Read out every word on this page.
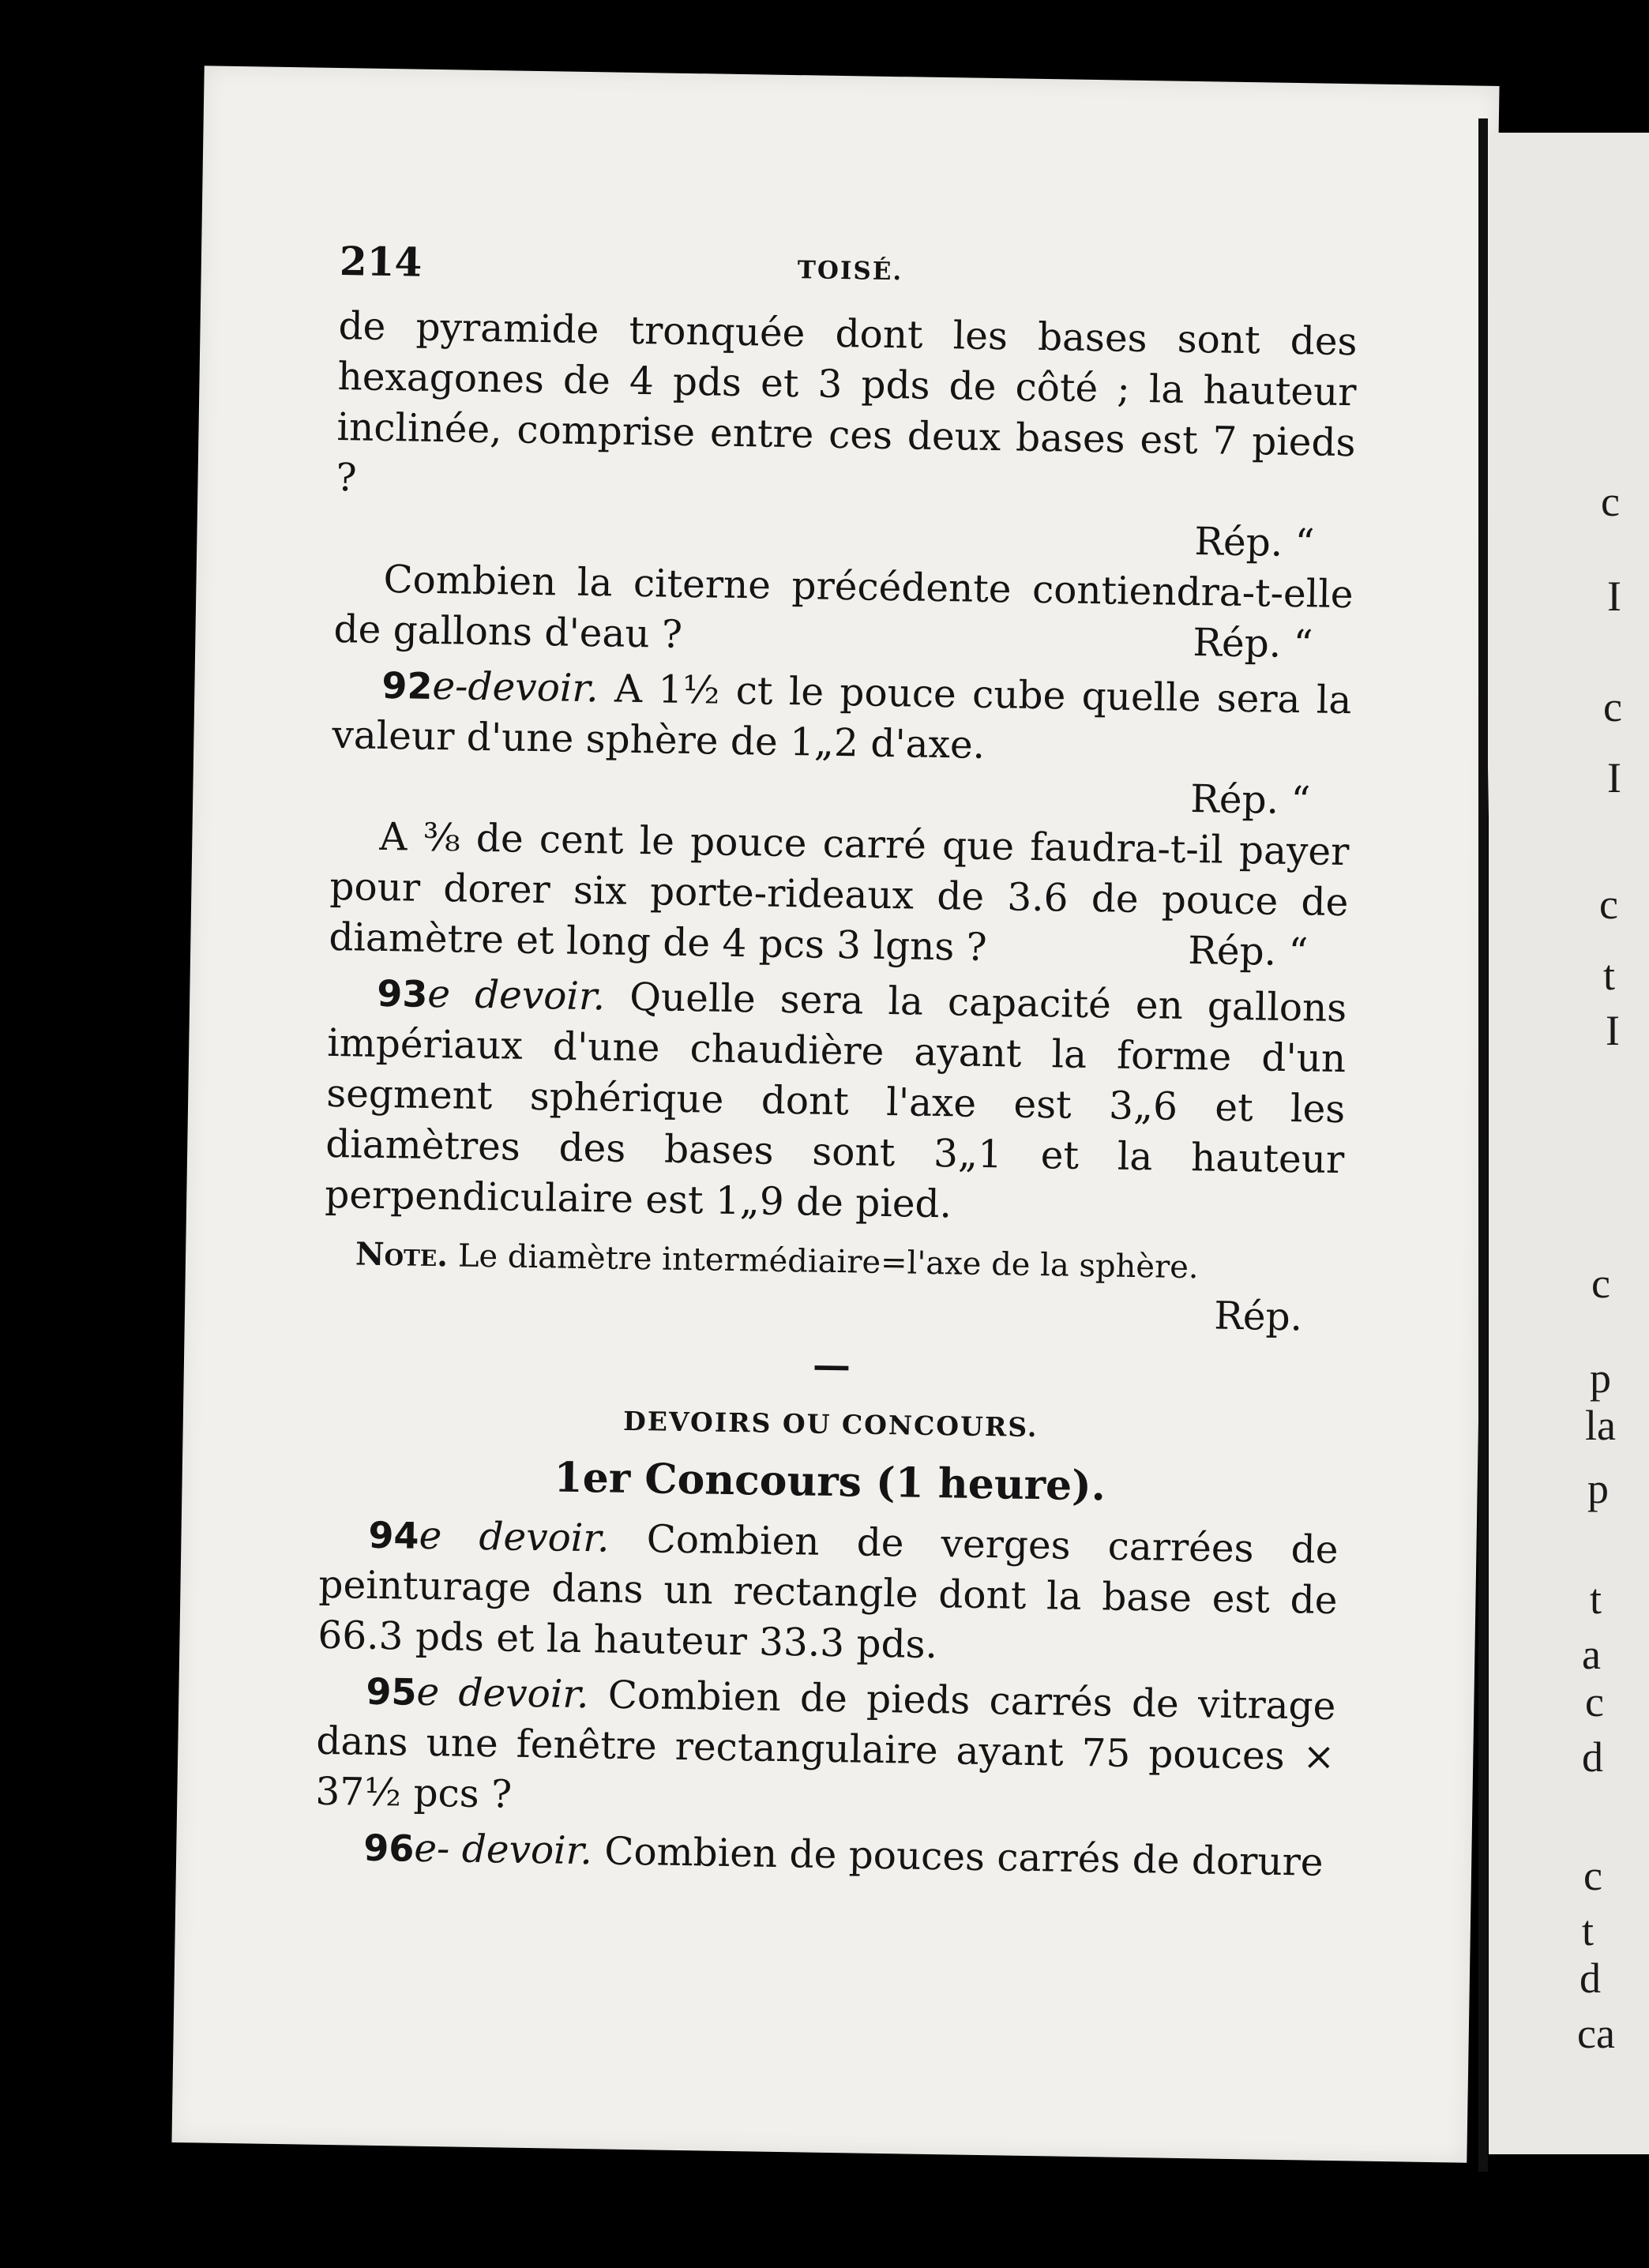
214	TOISÉ.

de pyramide tronquée dont les bases sont des hexagones de 4 pds et 3 pds de côté ; la hauteur inclinée, comprise entre ces deux bases est 7 pieds ?

Rép. “

Combien la citerne précédente contiendra-t-elle de gallons d'eau ?	Rép. “

92e-devoir. A 1½ ct le pouce cube quelle sera la valeur d'une sphère de 1„2 d'axe.

Rép. “

A ⅜ de cent le pouce carré que faudra-t-il payer pour dorer six porte-rideaux de 3.6 de pouce de diamètre et long de 4 pcs 3 lgns ?	Rép. “

93e devoir. Quelle sera la capacité en gallons impériaux d'une chaudière ayant la forme d'un segment sphérique dont l'axe est 3„6 et les diamètres des bases sont 3„1 et la hauteur perpendiculaire est 1„9 de pied.

Note. Le diamètre intermédiaire=l'axe de la sphère.

Rép.

—
DEVOIRS OU CONCOURS.
1er Concours (1 heure).

94e devoir. Combien de verges carrées de peinturage dans un rectangle dont la base est de 66.3 pds et la hauteur 33.3 pds.

95e devoir. Combien de pieds carrés de vitrage dans une fenêtre rectangulaire ayant 75 pouces × 37½ pcs ?

96e- devoir. Combien de pouces carrés de dorure

c
I
c
I
c
t
I
c
p
la
p
t
a
c
d
c
t
d
ca
